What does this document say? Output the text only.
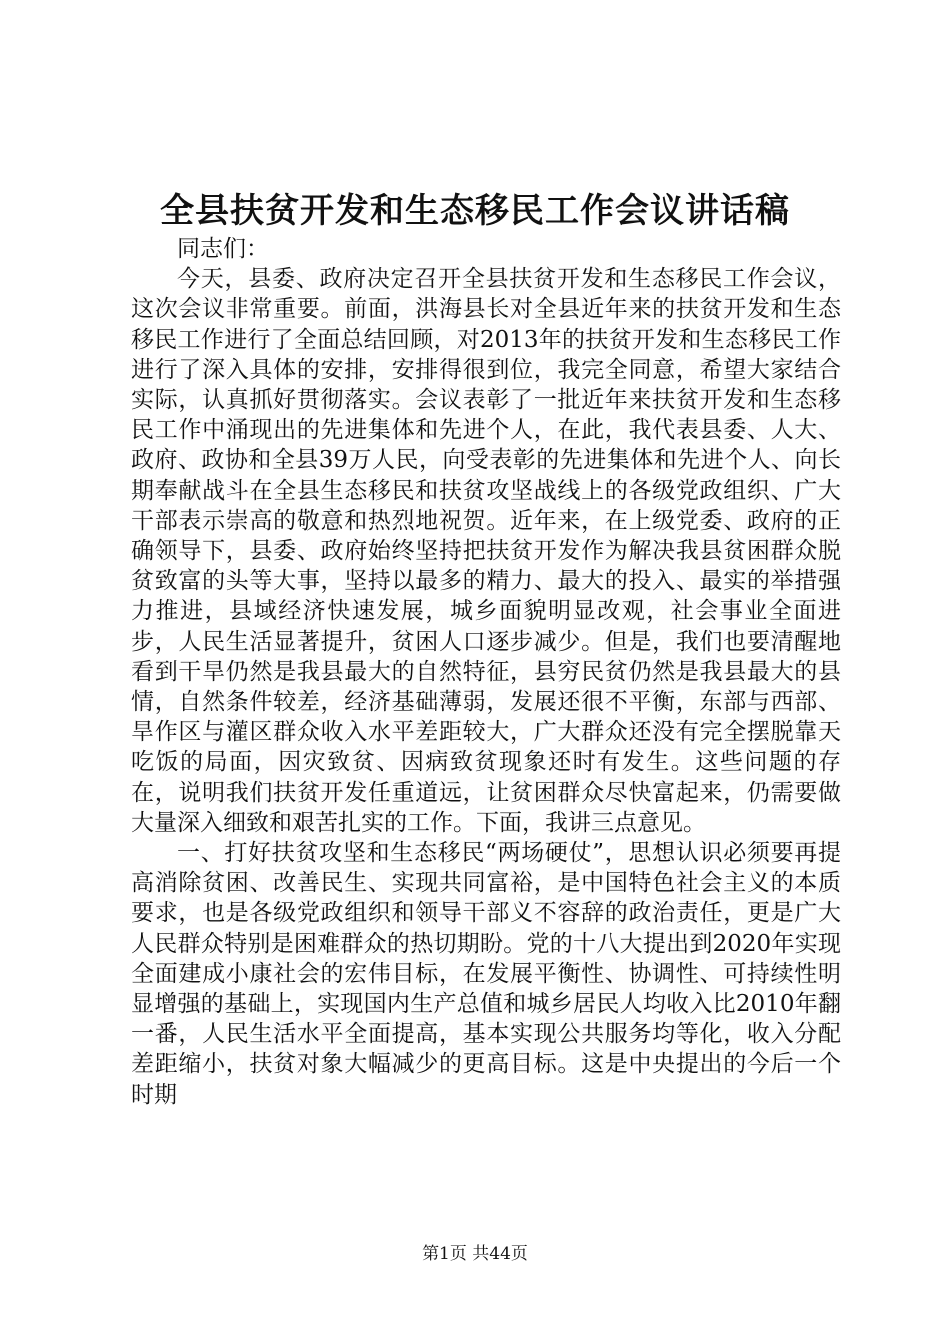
全县扶贫开发和生态移民工作会议讲话稿

同志们：

今天，县委、政府决定召开全县扶贫开发和生态移民工作会议，这次会议非常重要。前面，洪海县长对全县近年来的扶贫开发和生态移民工作进行了全面总结回顾，对2013年的扶贫开发和生态移民工作进行了深入具体的安排，安排得很到位，我完全同意，希望大家结合实际，认真抓好贯彻落实。会议表彰了一批近年来扶贫开发和生态移民工作中涌现出的先进集体和先进个人，在此，我代表县委、人大、政府、政协和全县39万人民，向受表彰的先进集体和先进个人、向长期奉献战斗在全县生态移民和扶贫攻坚战线上的各级党政组织、广大干部表示崇高的敬意和热烈地祝贺。近年来，在上级党委、政府的正确领导下，县委、政府始终坚持把扶贫开发作为解决我县贫困群众脱贫致富的头等大事，坚持以最多的精力、最大的投入、最实的举措强力推进，县域经济快速发展，城乡面貌明显改观，社会事业全面进步，人民生活显著提升，贫困人口逐步减少。但是，我们也要清醒地看到干旱仍然是我县最大的自然特征，县穷民贫仍然是我县最大的县情，自然条件较差，经济基础薄弱，发展还很不平衡，东部与西部、旱作区与灌区群众收入水平差距较大，广大群众还没有完全摆脱靠天吃饭的局面，因灾致贫、因病致贫现象还时有发生。这些问题的存在，说明我们扶贫开发任重道远，让贫困群众尽快富起来，仍需要做大量深入细致和艰苦扎实的工作。下面，我讲三点意见。

一、打好扶贫攻坚和生态移民“两场硬仗”，思想认识必须要再提高消除贫困、改善民生、实现共同富裕，是中国特色社会主义的本质要求，也是各级党政组织和领导干部义不容辞的政治责任，更是广大人民群众特别是困难群众的热切期盼。党的十八大提出到2020年实现全面建成小康社会的宏伟目标，在发展平衡性、协调性、可持续性明显增强的基础上，实现国内生产总值和城乡居民人均收入比2010年翻一番，人民生活水平全面提高，基本实现公共服务均等化，收入分配差距缩小，扶贫对象大幅减少的更高目标。这是中央提出的今后一个时期

第1页 共44页
